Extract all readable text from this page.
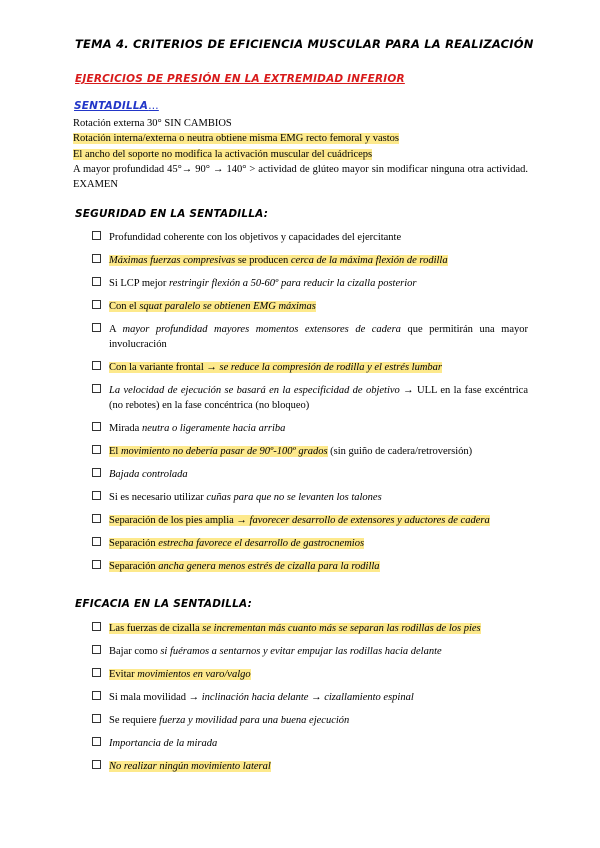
TEMA 4. CRITERIOS DE EFICIENCIA MUSCULAR PARA LA REALIZACIÓN
EJERCICIOS DE PRESIÓN EN LA EXTREMIDAD INFERIOR
SENTADILLA…

Rotación externa 30° SIN CAMBIOS

Rotación interna/externa o neutra obtiene misma EMG recto femoral y vastos

El ancho del soporte no modifica la activación muscular del cuádriceps

A mayor profundidad 45°→ 90° → 140° > actividad de glúteo mayor sin modificar ninguna otra actividad. EXAMEN

SEGURIDAD EN LA SENTADILLA:
Profundidad coherente con los objetivos y capacidades del ejercitante
Máximas fuerzas compresivas se producen cerca de la máxima flexión de rodilla
Si LCP mejor restringir flexión a 50-60º para reducir la cizalla posterior
Con el squat paralelo se obtienen EMG máximas
A mayor profundidad mayores momentos extensores de cadera que permitirán una mayor involucración
Con la variante frontal → se reduce la compresión de rodilla y el estrés lumbar
La velocidad de ejecución se basará en la especificidad de objetivo → ULL en la fase excéntrica (no rebotes) en la fase concéntrica (no bloqueo)
Mirada neutra o ligeramente hacia arriba
El movimiento no debería pasar de 90º-100º grados (sin guiño de cadera/retroversión)
Bajada controlada
Si es necesario utilizar cuñas para que no se levanten los talones
Separación de los pies amplia → favorecer desarrollo de extensores y aductores de cadera
Separación estrecha favorece el desarrollo de gastrocnemios
Separación ancha genera menos estrés de cizalla para la rodilla
EFICACIA EN LA SENTADILLA:
Las fuerzas de cizalla se incrementan más cuanto más se separan las rodillas de los pies
Bajar como si fuéramos a sentarnos y evitar empujar las rodillas hacia delante
Evitar movimientos en varo/valgo
Si mala movilidad → inclinación hacia delante → cizallamiento espinal
Se requiere fuerza y movilidad para una buena ejecución
Importancia de la mirada
No realizar ningún movimiento lateral
